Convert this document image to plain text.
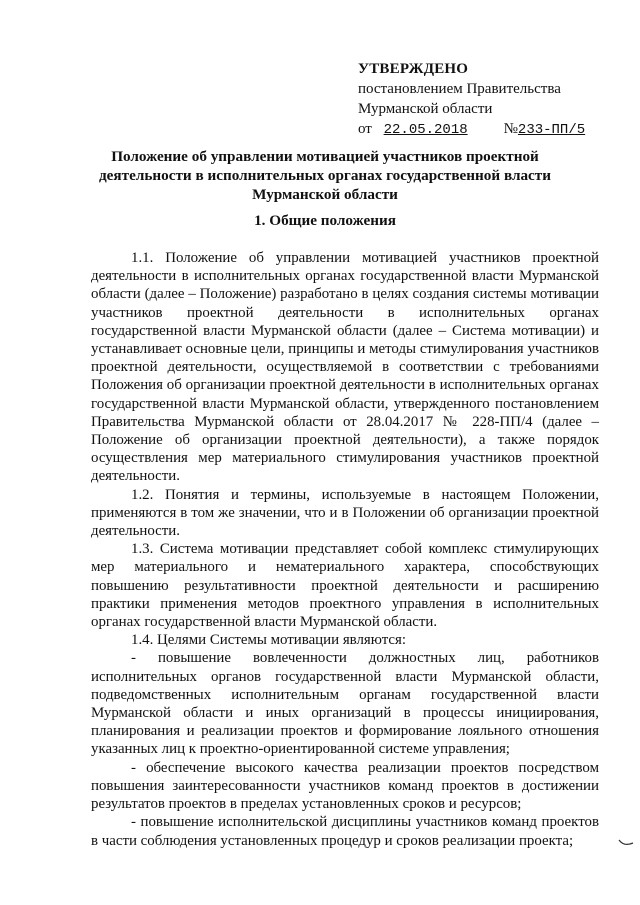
УТВЕРЖДЕНО
постановлением Правительства
Мурманской области
от 22.05.2018 №233-ПП/5
Положение об управлении мотивацией участников проектной деятельности в исполнительных органах государственной власти Мурманской области
1. Общие положения

1.1. Положение об управлении мотивацией участников проектной деятельности в исполнительных органах государственной власти Мурманской области (далее – Положение) разработано в целях создания системы мотивации участников проектной деятельности в исполнительных органах государственной власти Мурманской области (далее – Система мотивации) и устанавливает основные цели, принципы и методы стимулирования участников проектной деятельности, осуществляемой в соответствии с требованиями Положения об организации проектной деятельности в исполнительных органах государственной власти Мурманской области, утвержденного постановлением Правительства Мурманской области от 28.04.2017 № 228-ПП/4 (далее – Положение об организации проектной деятельности), а также порядок осуществления мер материального стимулирования участников проектной деятельности.

1.2. Понятия и термины, используемые в настоящем Положении, применяются в том же значении, что и в Положении об организации проектной деятельности.

1.3. Система мотивации представляет собой комплекс стимулирующих мер материального и нематериального характера, способствующих повышению результативности проектной деятельности и расширению практики применения методов проектного управления в исполнительных органах государственной власти Мурманской области.

1.4. Целями Системы мотивации являются:

- повышение вовлеченности должностных лиц, работников исполнительных органов государственной власти Мурманской области, подведомственных исполнительным органам государственной власти Мурманской области и иных организаций в процессы инициирования, планирования и реализации проектов и формирование лояльного отношения указанных лиц к проектно-ориентированной системе управления;

- обеспечение высокого качества реализации проектов посредством повышения заинтересованности участников команд проектов в достижении результатов проектов в пределах установленных сроков и ресурсов;

- повышение исполнительской дисциплины участников команд проектов в части соблюдения установленных процедур и сроков реализации проекта;
